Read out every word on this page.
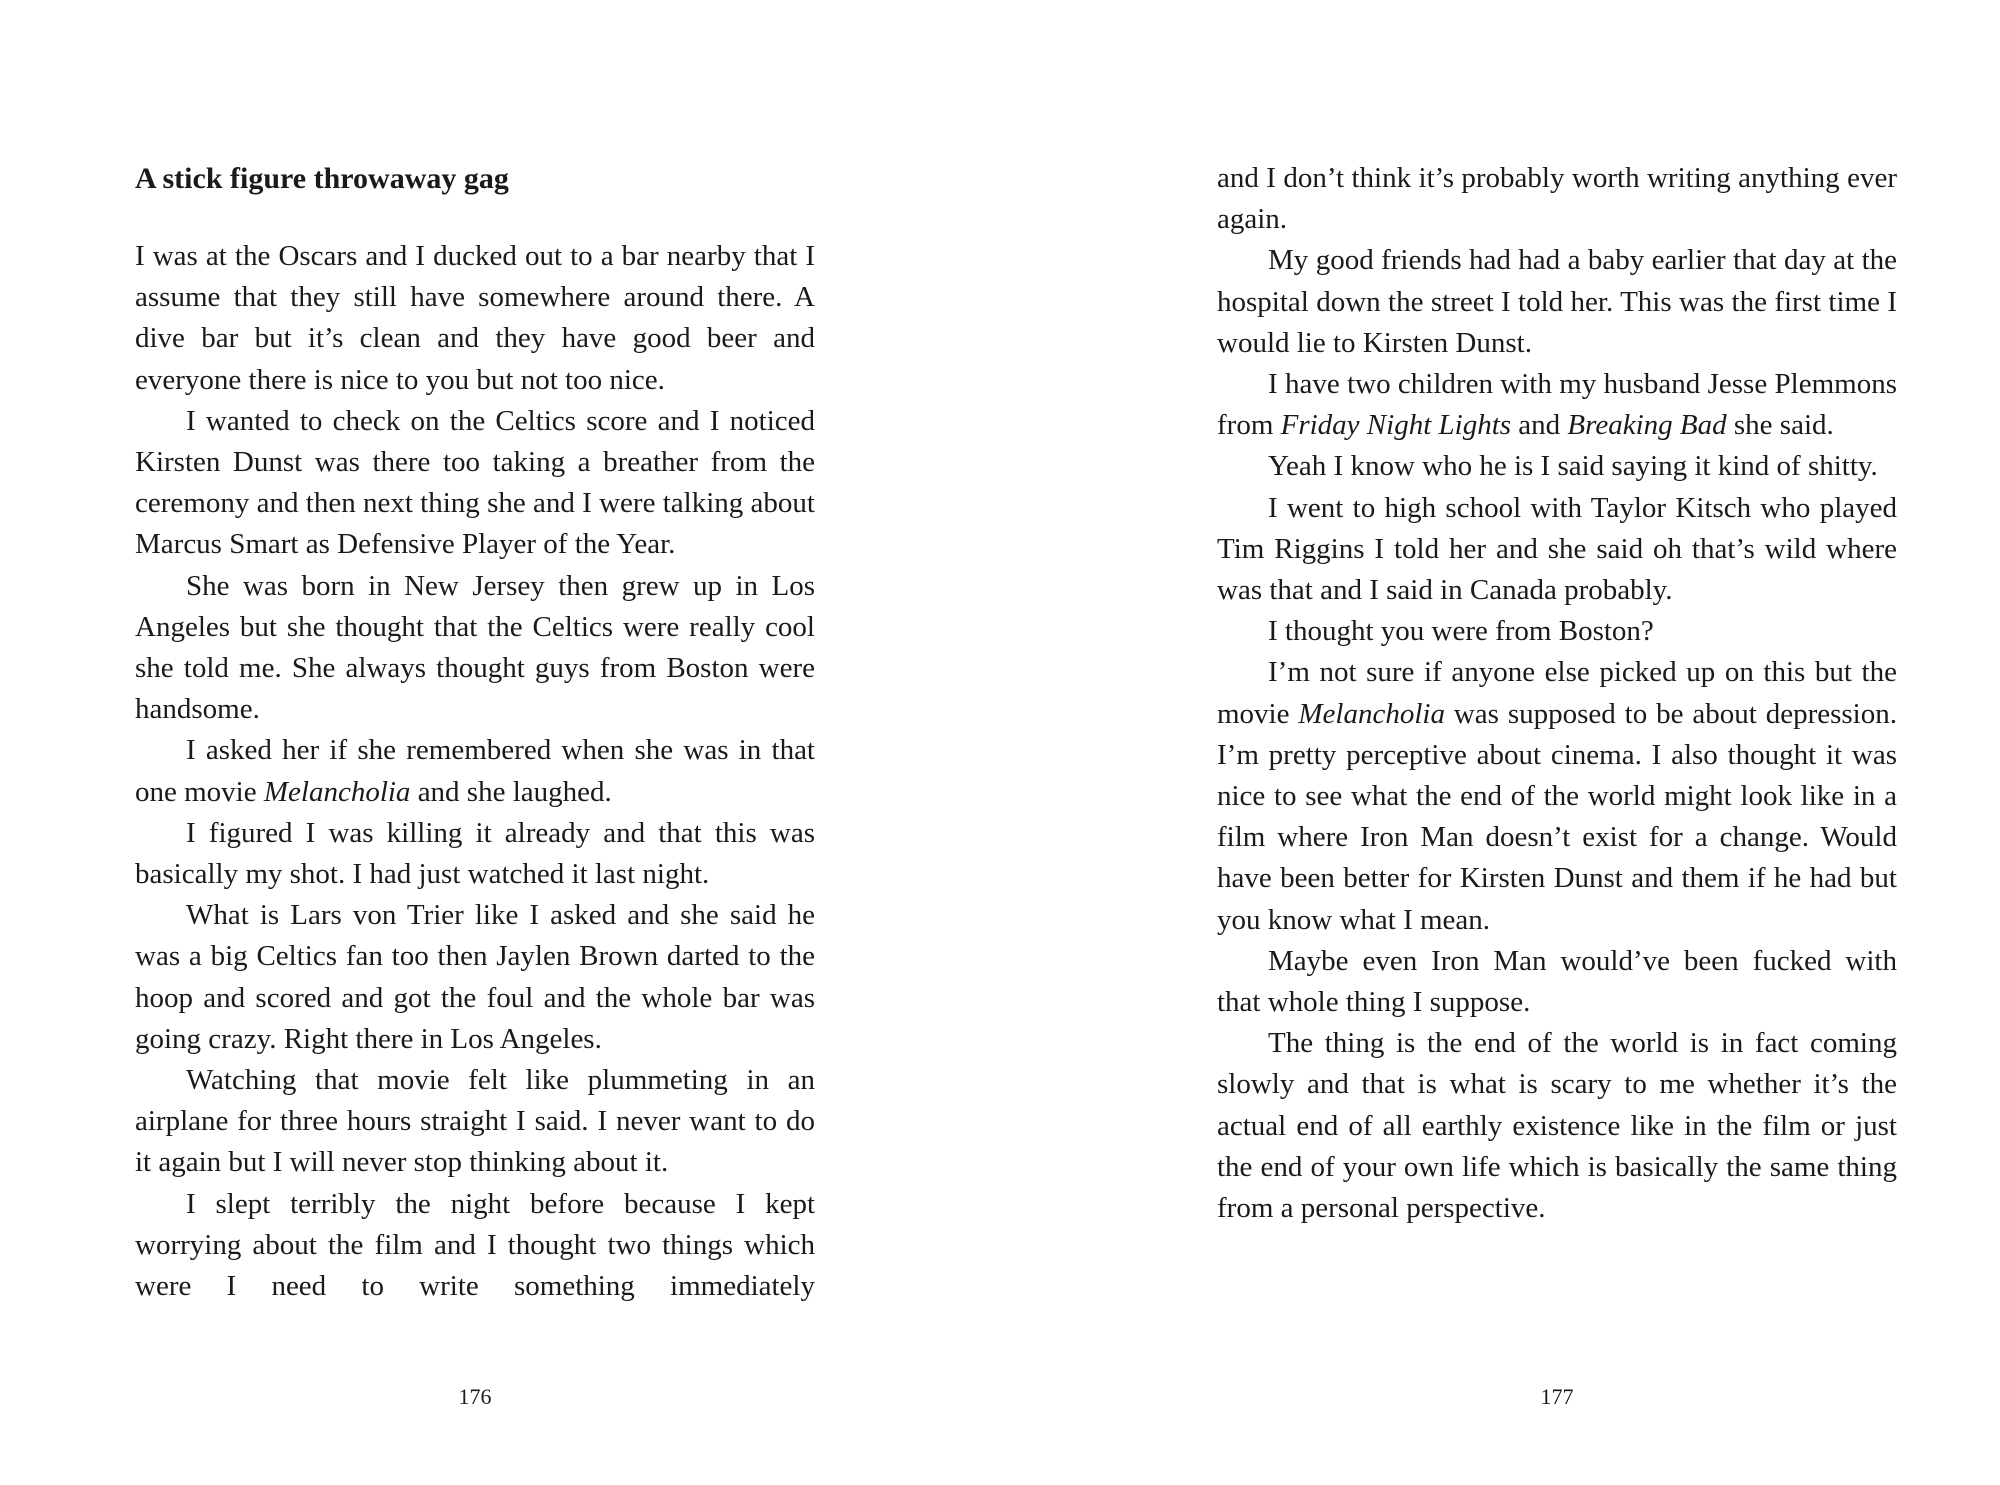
A stick figure throwaway gag

I was at the Oscars and I ducked out to a bar nearby that I assume that they still have somewhere around there. A dive bar but it’s clean and they have good beer and everyone there is nice to you but not too nice.

I wanted to check on the Celtics score and I noticed Kirsten Dunst was there too taking a breather from the ceremony and then next thing she and I were talking about Marcus Smart as Defensive Player of the Year.

She was born in New Jersey then grew up in Los Angeles but she thought that the Celtics were really cool she told me. She always thought guys from Boston were handsome.

I asked her if she remembered when she was in that one movie Melancholia and she laughed.

I figured I was killing it already and that this was basically my shot. I had just watched it last night.

What is Lars von Trier like I asked and she said he was a big Celtics fan too then Jaylen Brown darted to the hoop and scored and got the foul and the whole bar was going crazy. Right there in Los Angeles.

Watching that movie felt like plummeting in an airplane for three hours straight I said. I never want to do it again but I will never stop thinking about it.

I slept terribly the night before because I kept worrying about the film and I thought two things which were I need to write something immediately

176

and I don’t think it’s probably worth writing anything ever again.

My good friends had had a baby earlier that day at the hospital down the street I told her. This was the first time I would lie to Kirsten Dunst.

I have two children with my husband Jesse Plemmons from Friday Night Lights and Breaking Bad she said.

Yeah I know who he is I said saying it kind of shitty.

I went to high school with Taylor Kitsch who played Tim Riggins I told her and she said oh that’s wild where was that and I said in Canada probably.

I thought you were from Boston?

I’m not sure if anyone else picked up on this but the movie Melancholia was supposed to be about depression. I’m pretty perceptive about cinema. I also thought it was nice to see what the end of the world might look like in a film where Iron Man doesn’t exist for a change. Would have been better for Kirsten Dunst and them if he had but you know what I mean.

Maybe even Iron Man would’ve been fucked with that whole thing I suppose.

The thing is the end of the world is in fact coming slowly and that is what is scary to me whether it’s the actual end of all earthly existence like in the film or just the end of your own life which is basically the same thing from a personal perspective.

177
